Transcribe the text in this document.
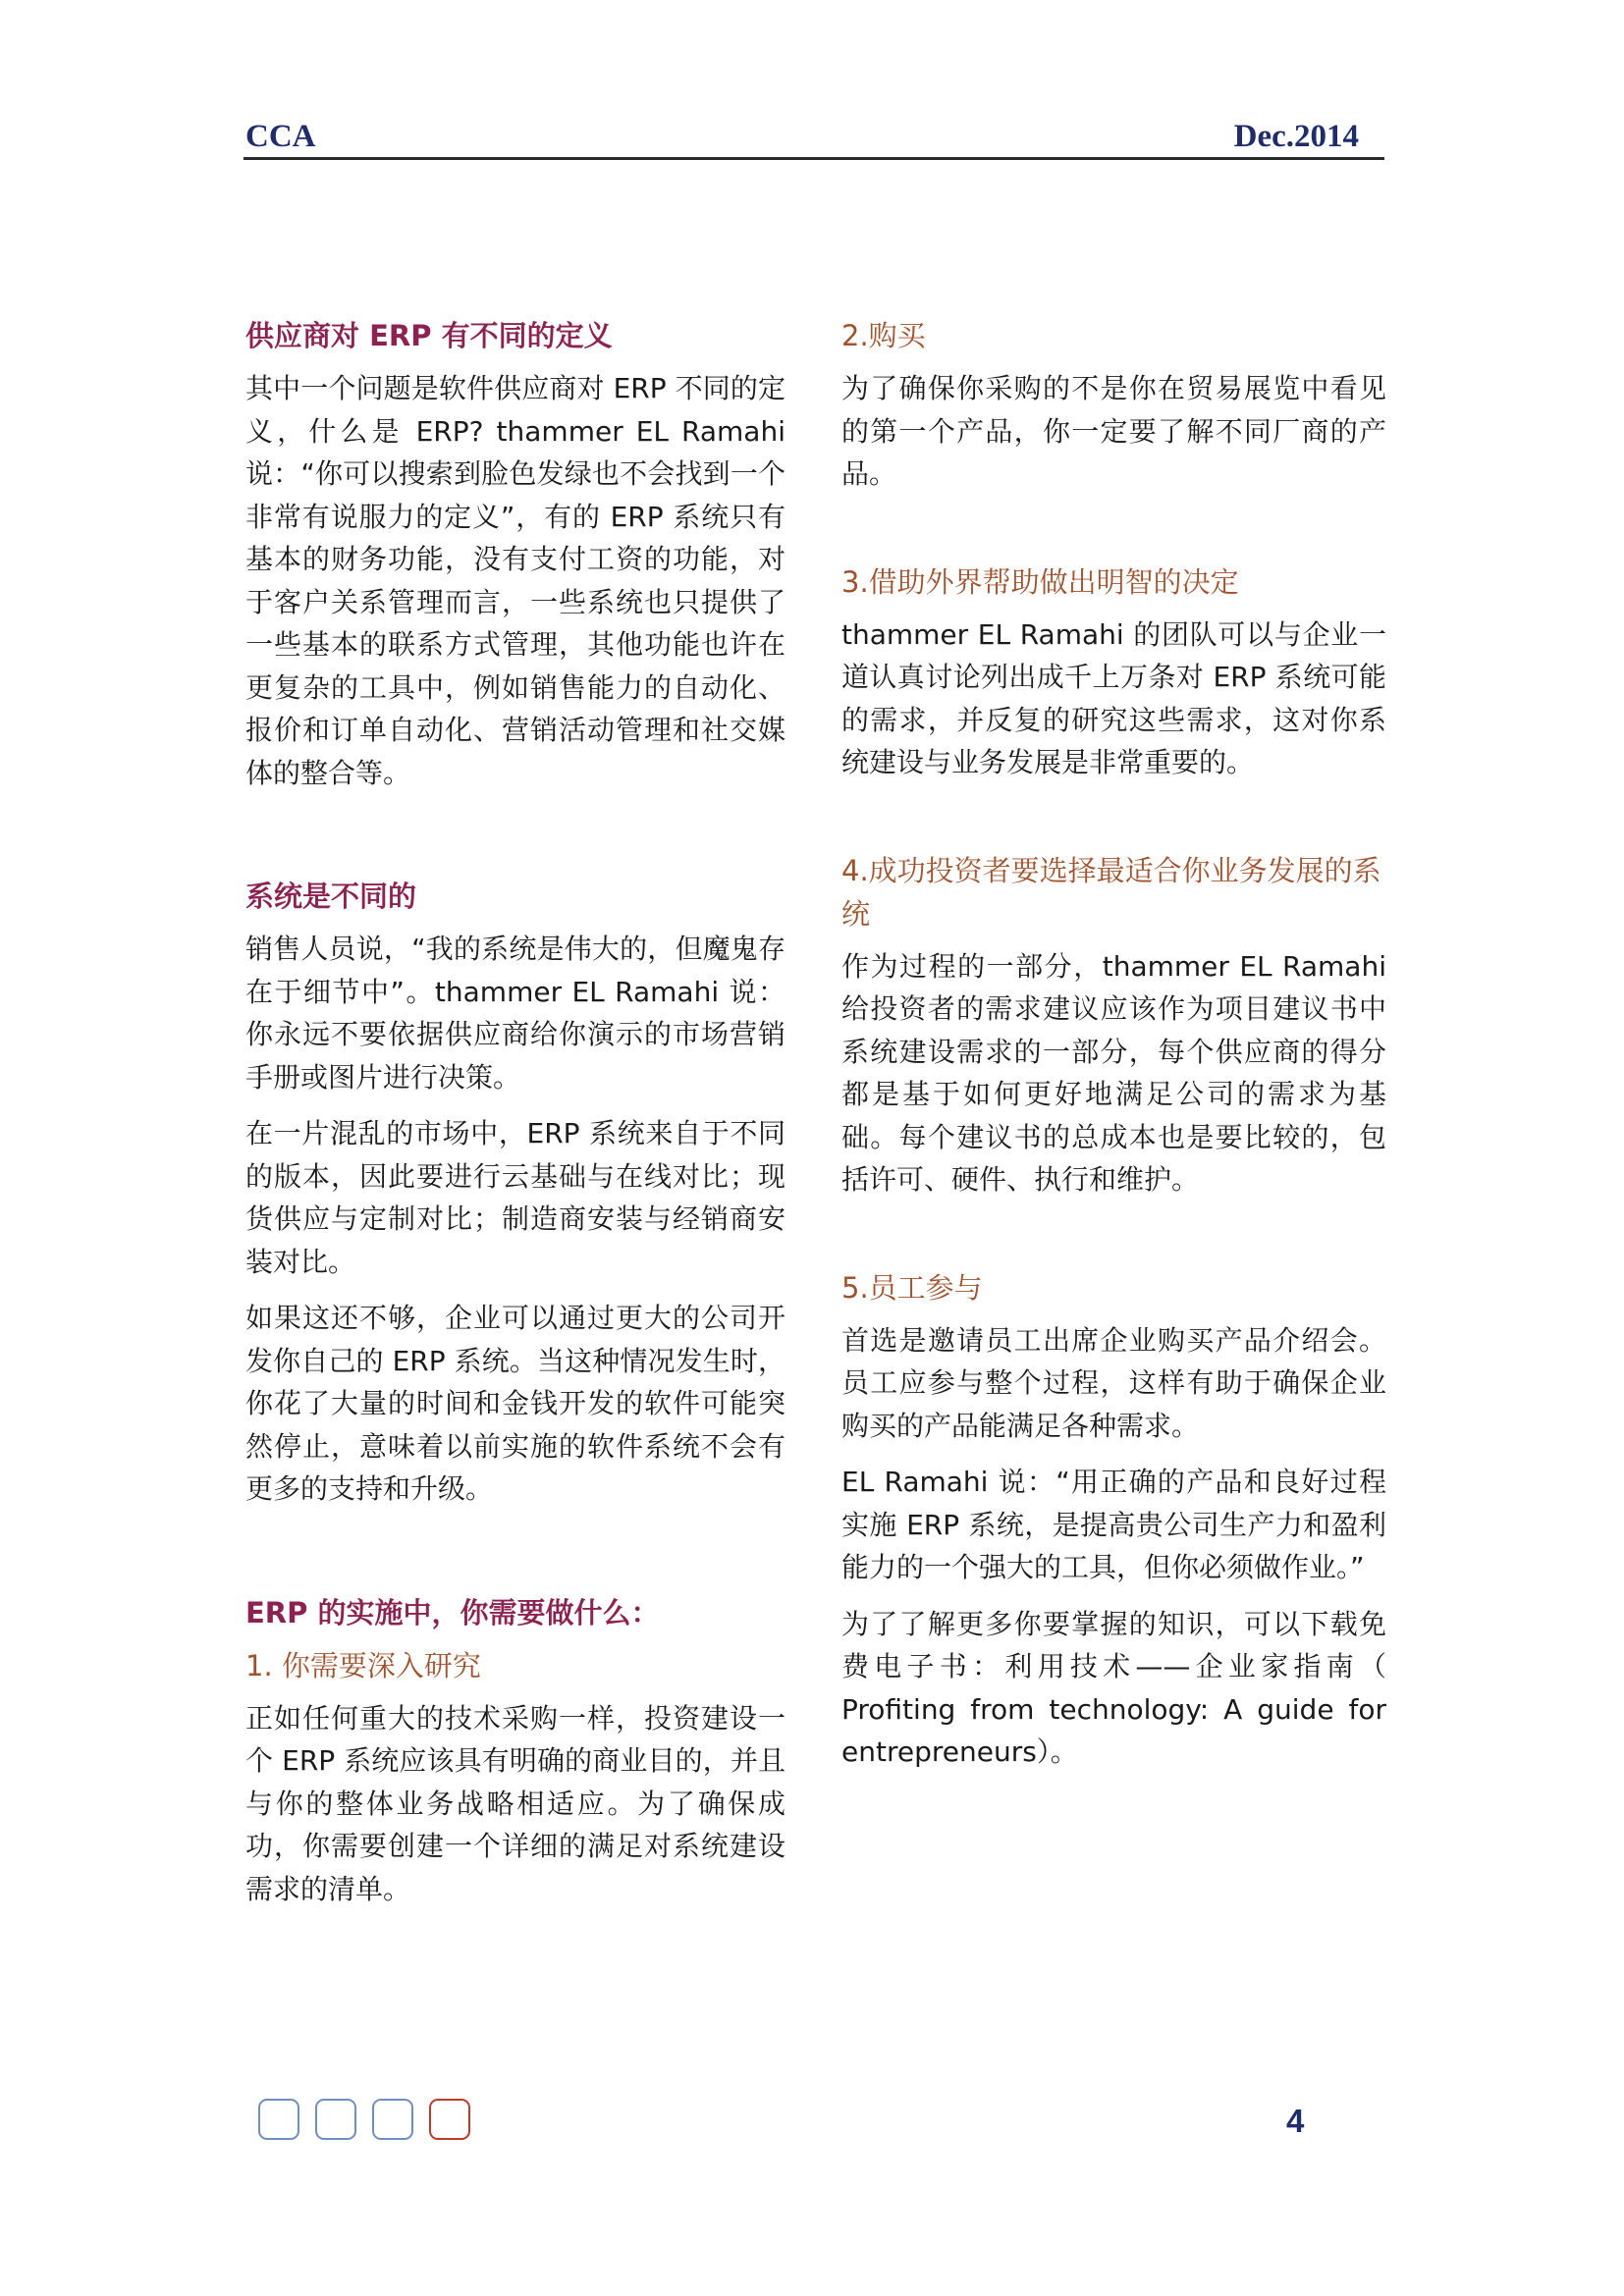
CCA	Dec.2014
供应商对 ERP 有不同的定义
其中一个问题是软件供应商对 ERP 不同的定义，什么是 ERP? thammer EL Ramahi 说：“你可以搜索到脸色发绿也不会找到一个非常有说服力的定义”，有的 ERP 系统只有基本的财务功能，没有支付工资的功能，对于客户关系管理而言，一些系统也只提供了一些基本的联系方式管理，其他功能也许在更复杂的工具中，例如销售能力的自动化、报价和订单自动化、营销活动管理和社交媒体的整合等。
系统是不同的
销售人员说，“我的系统是伟大的，但魔鬼存在于细节中”。thammer EL Ramahi 说：你永远不要依据供应商给你演示的市场营销手册或图片进行决策。
在一片混乱的市场中，ERP 系统来自于不同的版本，因此要进行云基础与在线对比；现货供应与定制对比；制造商安装与经销商安装对比。
如果这还不够，企业可以通过更大的公司开发你自己的 ERP 系统。当这种情况发生时，你花了大量的时间和金钱开发的软件可能突然停止，意味着以前实施的软件系统不会有更多的支持和升级。
ERP 的实施中，你需要做什么：
1. 你需要深入研究
正如任何重大的技术采购一样，投资建设一个 ERP 系统应该具有明确的商业目的，并且与你的整体业务战略相适应。为了确保成功，你需要创建一个详细的满足对系统建设需求的清单。
2.购买
为了确保你采购的不是你在贸易展览中看见的第一个产品，你一定要了解不同厂商的产品。
3.借助外界帮助做出明智的决定
thammer EL Ramahi 的团队可以与企业一道认真讨论列出成千上万条对 ERP 系统可能的需求，并反复的研究这些需求，这对你系统建设与业务发展是非常重要的。
4.成功投资者要选择最适合你业务发展的系统
作为过程的一部分，thammer EL Ramahi 给投资者的需求建议应该作为项目建议书中系统建设需求的一部分，每个供应商的得分都是基于如何更好地满足公司的需求为基础。每个建议书的总成本也是要比较的，包括许可、硬件、执行和维护。
5.员工参与
首选是邀请员工出席企业购买产品介绍会。员工应参与整个过程，这样有助于确保企业购买的产品能满足各种需求。
EL Ramahi 说：“用正确的产品和良好过程实施 ERP 系统，是提高贵公司生产力和盈利能力的一个强大的工具，但你必须做作业。”
为了了解更多你要掌握的知识，可以下载免费电子书：利用技术——企业家指南（ Profiting from technology: A guide for entrepreneurs）。
4
